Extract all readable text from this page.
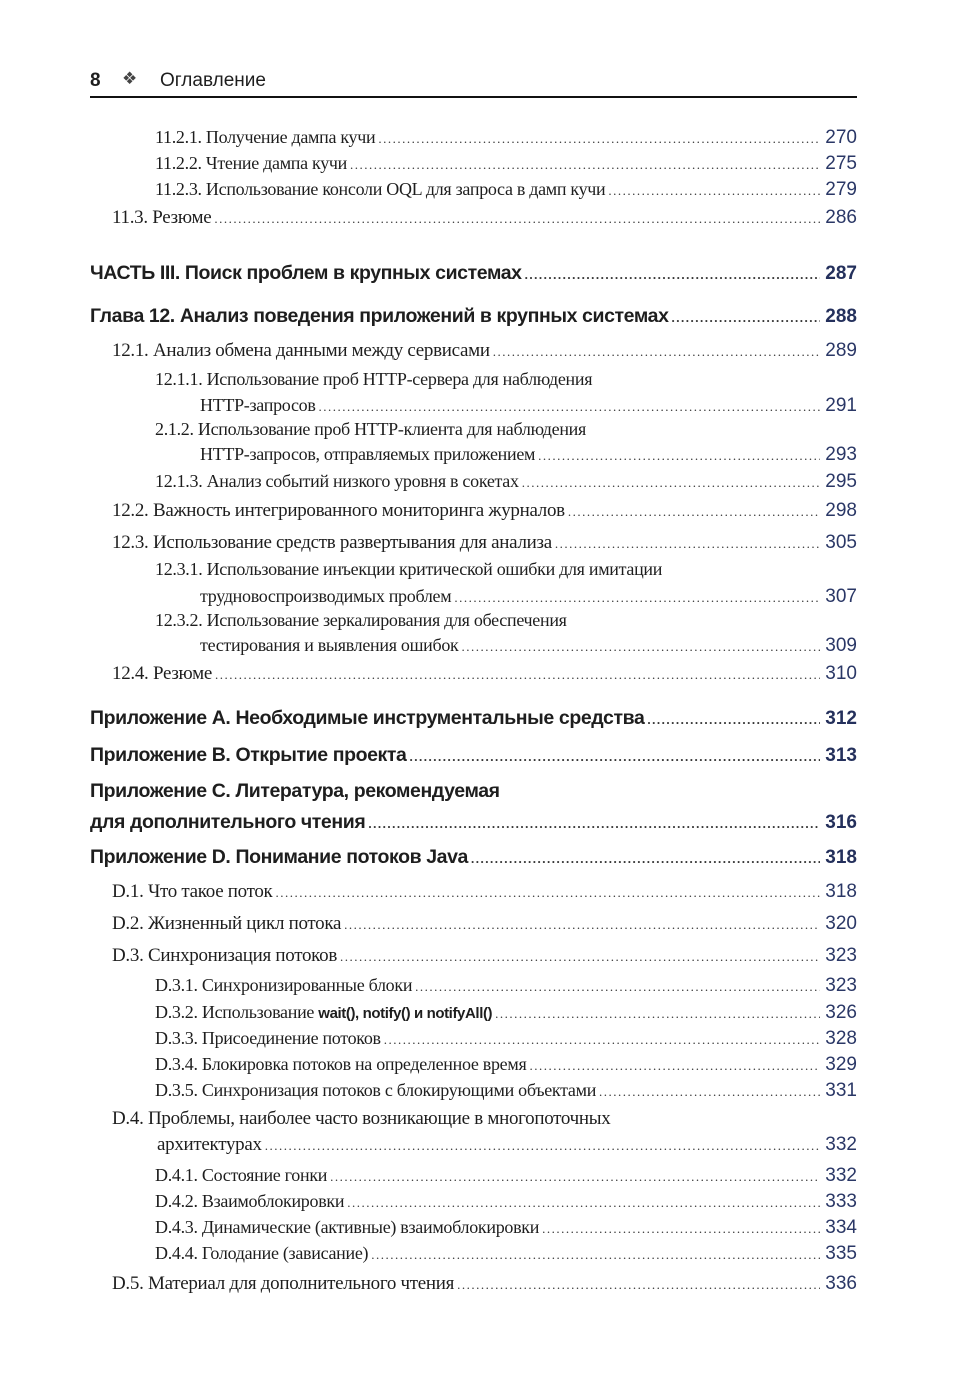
8 ❖ Оглавление
11.2.1. Получение дампа кучи .....	270
11.2.2. Чтение дампа кучи .....	275
11.2.3. Использование консоли OQL для запроса в дамп кучи .....	279
11.3. Резюме .....	286
ЧАСТЬ III. Поиск проблем в крупных системах .....	287
Глава 12. Анализ поведения приложений в крупных системах .....	288
12.1. Анализ обмена данными между сервисами .....	289
12.1.1. Использование проб HTTP-сервера для наблюдения
HTTP-запросов .....	291
2.1.2. Использование проб HTTP-клиента для наблюдения
HTTP-запросов, отправляемых приложением .....	293
12.1.3. Анализ событий низкого уровня в сокетах .....	295
12.2. Важность интегрированного мониторинга журналов .....	298
12.3. Использование средств развертывания для анализа .....	305
12.3.1. Использование инъекции критической ошибки для имитации
трудновоспроизводимых проблем .....	307
12.3.2. Использование зеркалирования для обеспечения
тестирования и выявления ошибок .....	309
12.4. Резюме .....	310
Приложение А. Необходимые инструментальные средства .....	312
Приложение В. Открытие проекта .....	313
Приложение С. Литература, рекомендуемая
для дополнительного чтения .....	316
Приложение D. Понимание потоков Java .....	318
D.1. Что такое поток .....	318
D.2. Жизненный цикл потока .....	320
D.3. Синхронизация потоков .....	323
D.3.1. Синхронизированные блоки .....	323
D.3.2. Использование wait(), notify() и notifyAll() .....	326
D.3.3. Присоединение потоков .....	328
D.3.4. Блокировка потоков на определенное время .....	329
D.3.5. Синхронизация потоков с блокирующими объектами .....	331
D.4. Проблемы, наиболее часто возникающие в многопоточных
архитектурах .....	332
D.4.1. Состояние гонки .....	332
D.4.2. Взаимоблокировки .....	333
D.4.3. Динамические (активные) взаимоблокировки .....	334
D.4.4. Голодание (зависание) .....	335
D.5. Материал для дополнительного чтения .....	336
